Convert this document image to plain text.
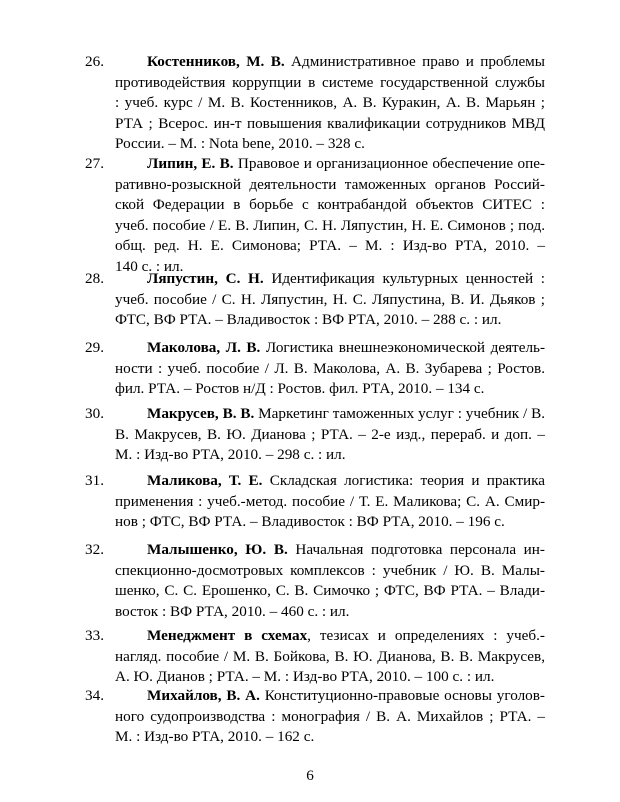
26.	Костенников, М. В. Административное право и проблемы
противодействия коррупции в системе государственной службы
: учеб. курс / М. В. Костенников, А. В. Куракин, А. В. Марьян ;
РТА ; Всерос. ин-т повышения квалификации сотрудников МВД
России. – М. : Nota bene, 2010. – 328 с.
27.	Липин, Е. В. Правовое и организационное обеспечение опе-
ративно-розыскной деятельности таможенных органов Россий-
ской Федерации в борьбе с контрабандой объектов СИТЕС :
учеб. пособие / Е. В. Липин, С. Н. Ляпустин, Н. Е. Симонов ; под.
общ. ред. Н. Е. Симонова; РТА. – М. : Изд-во РТА, 2010. –
140 с. : ил.
28.	Ляпустин, С. Н. Идентификация культурных ценностей :
учеб. пособие / С. Н. Ляпустин, Н. С. Ляпустина, В. И. Дьяков ;
ФТС, ВФ РТА. – Владивосток : ВФ РТА, 2010. – 288 с. : ил.
29.	Маколова, Л. В. Логистика внешнеэкономической деятель-
ности : учеб. пособие / Л. В. Маколова, А. В. Зубарева ; Ростов.
фил. РТА. – Ростов н/Д : Ростов. фил. РТА, 2010. – 134 с.
30.	Макрусев, В. В. Маркетинг таможенных услуг : учебник / В.
В. Макрусев, В. Ю. Дианова ; РТА. – 2-е изд., перераб. и доп. –
М. : Изд-во РТА, 2010. – 298 с. : ил.
31.	Маликова, Т. Е. Складская логистика: теория и практика
применения : учеб.-метод. пособие / Т. Е. Маликова; С. А. Смир-
нов ; ФТС, ВФ РТА. – Владивосток : ВФ РТА, 2010. – 196 с.
32.	Малышенко, Ю. В. Начальная подготовка персонала ин-
спекционно-досмотровых комплексов : учебник / Ю. В. Малы-
шенко, С. С. Ерошенко, С. В. Симочко ; ФТС, ВФ РТА. – Влади-
восток : ВФ РТА, 2010. – 460 с. : ил.
33.	Менеджмент в схемах, тезисах и определениях : учеб.-
нагляд. пособие / М. В. Бойкова, В. Ю. Дианова, В. В. Макрусев,
А. Ю. Дианов ; РТА. – М. : Изд-во РТА, 2010. – 100 с. : ил.
34.	Михайлов, В. А. Конституционно-правовые основы уголов-
ного судопроизводства : монография / В. А. Михайлов ; РТА. –
М. : Изд-во РТА, 2010. – 162 с.
6
